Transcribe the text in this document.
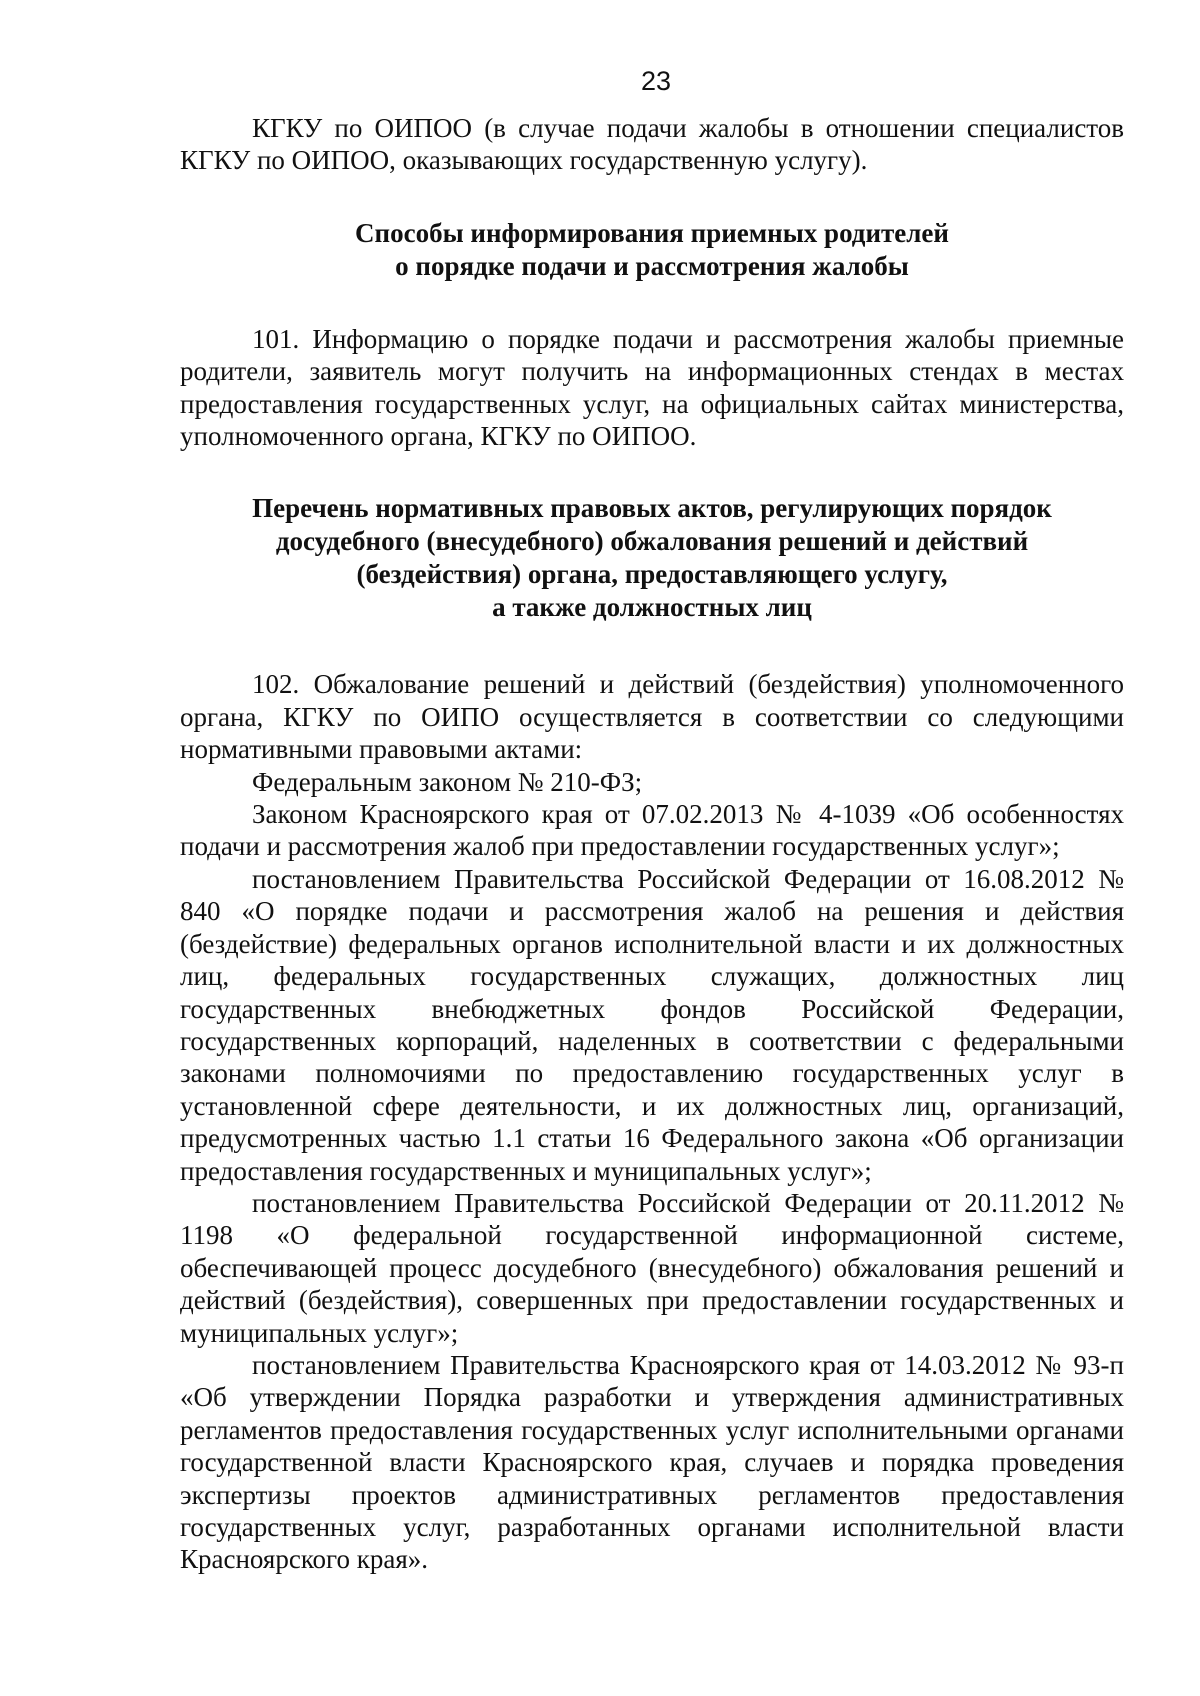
23

КГКУ по ОИПОО (в случае подачи жалобы в отношении специалистов КГКУ по ОИПОО, оказывающих государственную услугу).

Способы информирования приемных родителей
о порядке подачи и рассмотрения жалобы

101. Информацию о порядке подачи и рассмотрения жалобы приемные родители, заявитель могут получить на информационных стендах в местах предоставления государственных услуг, на официальных сайтах министерства, уполномоченного органа, КГКУ по ОИПОО.

Перечень нормативных правовых актов, регулирующих порядок
досудебного (внесудебного) обжалования решений и действий
(бездействия) органа, предоставляющего услугу,
а также должностных лиц

102. Обжалование решений и действий (бездействия) уполномоченного органа, КГКУ по ОИПО осуществляется в соответствии со следующими нормативными правовыми актами:

Федеральным законом № 210-ФЗ;

Законом Красноярского края от 07.02.2013 № 4-1039 «Об особенностях подачи и рассмотрения жалоб при предоставлении государственных услуг»;

постановлением Правительства Российской Федерации от 16.08.2012 № 840 «О порядке подачи и рассмотрения жалоб на решения и действия (бездействие) федеральных органов исполнительной власти и их должностных лиц, федеральных государственных служащих, должностных лиц государственных внебюджетных фондов Российской Федерации, государственных корпораций, наделенных в соответствии с федеральными законами полномочиями по предоставлению государственных услуг в установленной сфере деятельности, и их должностных лиц, организаций, предусмотренных частью 1.1 статьи 16 Федерального закона «Об организации предоставления государственных и муниципальных услуг»;

постановлением Правительства Российской Федерации от 20.11.2012 № 1198 «О федеральной государственной информационной системе, обеспечивающей процесс досудебного (внесудебного) обжалования решений и действий (бездействия), совершенных при предоставлении государственных и муниципальных услуг»;

постановлением Правительства Красноярского края от 14.03.2012 № 93-п «Об утверждении Порядка разработки и утверждения административных регламентов предоставления государственных услуг исполнительными органами государственной власти Красноярского края, случаев и порядка проведения экспертизы проектов административных регламентов предоставления государственных услуг, разработанных органами исполнительной власти Красноярского края».
